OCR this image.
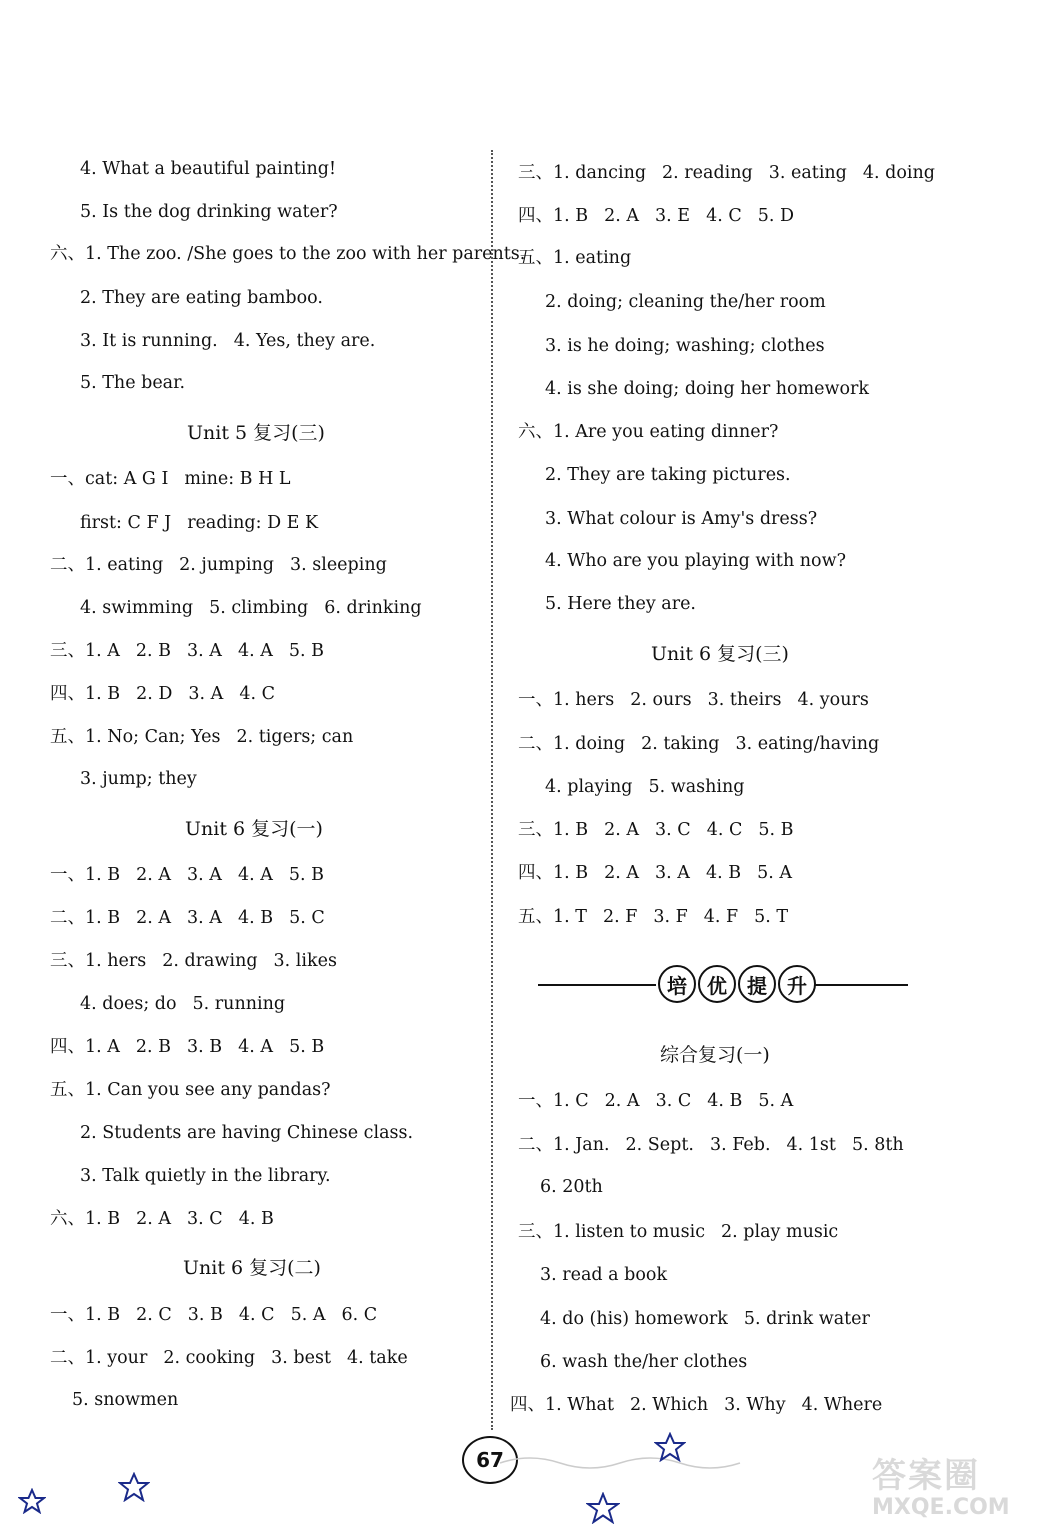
4. What a beautiful painting!
5. Is the dog drinking water?
六、1. The zoo. /She goes to the zoo with her parents.
2. They are eating bamboo.
3. It is running. 4. Yes, they are.
5. The bear.
Unit 5 复习(三)
一、cat: A G I mine: B H L
first: C F J reading: D E K
二、1. eating 2. jumping 3. sleeping
4. swimming 5. climbing 6. drinking
三、1. A 2. B 3. A 4. A 5. B
四、1. B 2. D 3. A 4. C
五、1. No; Can; Yes 2. tigers; can
3. jump; they
Unit 6 复习(一)
一、1. B 2. A 3. A 4. A 5. B
二、1. B 2. A 3. A 4. B 5. C
三、1. hers 2. drawing 3. likes
4. does; do 5. running
四、1. A 2. B 3. B 4. A 5. B
五、1. Can you see any pandas?
2. Students are having Chinese class.
3. Talk quietly in the library.
六、1. B 2. A 3. C 4. B
Unit 6 复习(二)
一、1. B 2. C 3. B 4. C 5. A 6. C
二、1. your 2. cooking 3. best 4. take
5. snowmen
三、1. dancing 2. reading 3. eating 4. doing
四、1. B 2. A 3. E 4. C 5. D
五、1. eating
2. doing; cleaning the/her room
3. is he doing; washing; clothes
4. is she doing; doing her homework
六、1. Are you eating dinner?
2. They are taking pictures.
3. What colour is Amy's dress?
4. Who are you playing with now?
5. Here they are.
Unit 6 复习(三)
一、1. hers 2. ours 3. theirs 4. yours
二、1. doing 2. taking 3. eating/having
4. playing 5. washing
三、1. B 2. A 3. C 4. C 5. B
四、1. B 2. A 3. A 4. B 5. A
五、1. T 2. F 3. F 4. F 5. T
综合复习(一)
一、1. C 2. A 3. C 4. B 5. A
二、1. Jan. 2. Sept. 3. Feb. 4. 1st 5. 8th
6. 20th
三、1. listen to music 2. play music
3. read a book
4. do (his) homework 5. drink water
6. wash the/her clothes
四、1. What 2. Which 3. Why 4. Where
培	优	提	升
67	答案圈
MXQE.COM
